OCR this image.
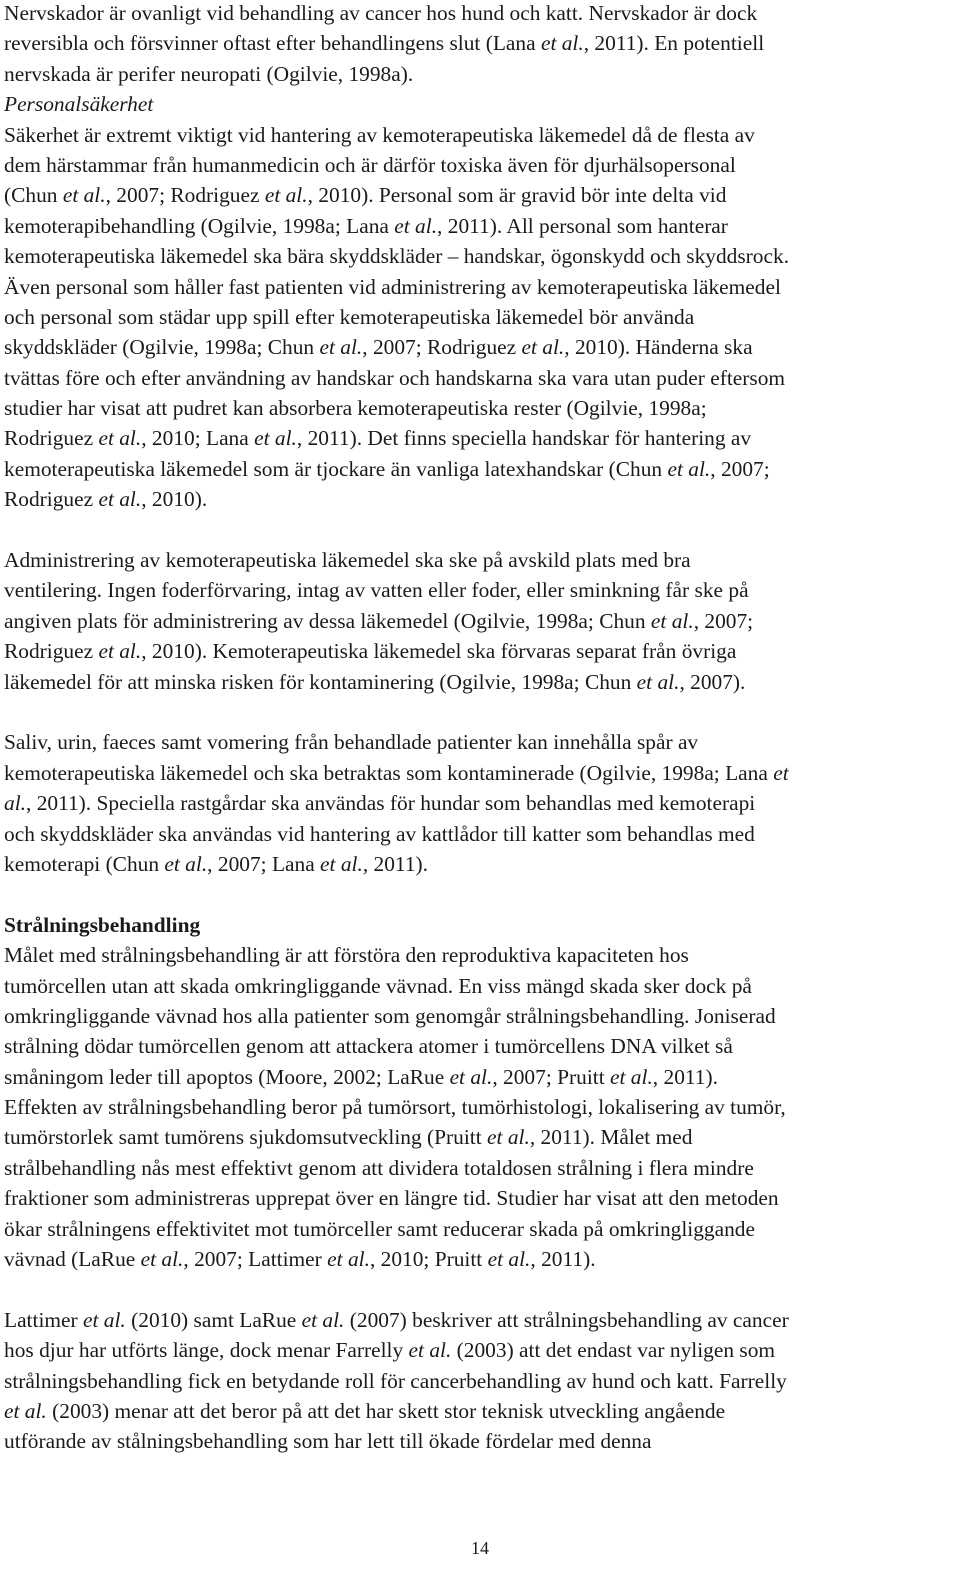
Nervskador är ovanligt vid behandling av cancer hos hund och katt. Nervskador är dock
reversibla och försvinner oftast efter behandlingens slut (Lana et al., 2011). En potentiell
nervskada är perifer neuropati (Ogilvie, 1998a).
Personalsäkerhet
Säkerhet är extremt viktigt vid hantering av kemoterapeutiska läkemedel då de flesta av
dem härstammar från humanmedicin och är därför toxiska även för djurhälsopersonal
(Chun et al., 2007; Rodriguez et al., 2010). Personal som är gravid bör inte delta vid
kemoterapibehandling (Ogilvie, 1998a; Lana et al., 2011). All personal som hanterar
kemoterapeutiska läkemedel ska bära skyddskläder – handskar, ögonskydd och skyddsrock.
Även personal som håller fast patienten vid administrering av kemoterapeutiska läkemedel
och personal som städar upp spill efter kemoterapeutiska läkemedel bör använda
skyddskläder (Ogilvie, 1998a; Chun et al., 2007; Rodriguez et al., 2010). Händerna ska
tvättas före och efter användning av handskar och handskarna ska vara utan puder eftersom
studier har visat att pudret kan absorbera kemoterapeutiska rester (Ogilvie, 1998a;
Rodriguez et al., 2010; Lana et al., 2011). Det finns speciella handskar för hantering av
kemoterapeutiska läkemedel som är tjockare än vanliga latexhandskar (Chun et al., 2007;
Rodriguez et al., 2010).
Administrering av kemoterapeutiska läkemedel ska ske på avskild plats med bra
ventilering. Ingen foderförvaring, intag av vatten eller foder, eller sminkning får ske på
angiven plats för administrering av dessa läkemedel (Ogilvie, 1998a; Chun et al., 2007;
Rodriguez et al., 2010). Kemoterapeutiska läkemedel ska förvaras separat från övriga
läkemedel för att minska risken för kontaminering (Ogilvie, 1998a; Chun et al., 2007).
Saliv, urin, faeces samt vomering från behandlade patienter kan innehålla spår av
kemoterapeutiska läkemedel och ska betraktas som kontaminerade (Ogilvie, 1998a; Lana et
al., 2011). Speciella rastgårdar ska användas för hundar som behandlas med kemoterapi
och skyddskläder ska användas vid hantering av kattlådor till katter som behandlas med
kemoterapi (Chun et al., 2007; Lana et al., 2011).
Strålningsbehandling
Målet med strålningsbehandling är att förstöra den reproduktiva kapaciteten hos
tumörcellen utan att skada omkringliggande vävnad. En viss mängd skada sker dock på
omkringliggande vävnad hos alla patienter som genomgår strålningsbehandling. Joniserad
strålning dödar tumörcellen genom att attackera atomer i tumörcellens DNA vilket så
småningom leder till apoptos (Moore, 2002; LaRue et al., 2007; Pruitt et al., 2011).
Effekten av strålningsbehandling beror på tumörsort, tumörhistologi, lokalisering av tumör,
tumörstorlek samt tumörens sjukdomsutveckling (Pruitt et al., 2011). Målet med
strålbehandling nås mest effektivt genom att dividera totaldosen strålning i flera mindre
fraktioner som administreras upprepat över en längre tid. Studier har visat att den metoden
ökar strålningens effektivitet mot tumörceller samt reducerar skada på omkringliggande
vävnad (LaRue et al., 2007; Lattimer et al., 2010; Pruitt et al., 2011).
Lattimer et al. (2010) samt LaRue et al. (2007) beskriver att strålningsbehandling av cancer
hos djur har utförts länge, dock menar Farrelly et al. (2003) att det endast var nyligen som
strålningsbehandling fick en betydande roll för cancerbehandling av hund och katt. Farrelly
et al. (2003) menar att det beror på att det har skett stor teknisk utveckling angående
utförande av stålningsbehandling som har lett till ökade fördelar med denna
14
